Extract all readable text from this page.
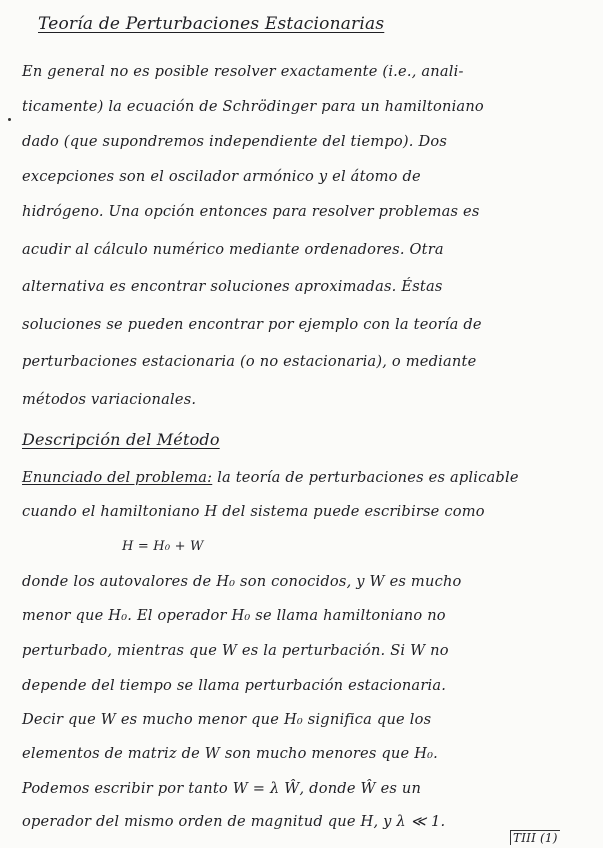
Teoría de Perturbaciones Estacionarias
En general no es posible resolver exactamente (i.e., anali-
ticamente) la ecuación de Schrödinger para un hamiltoniano
dado (que supondremos independiente del tiempo). Dos
excepciones son el oscilador armónico y el átomo de
hidrógeno. Una opción entonces para resolver problemas es
acudir al cálculo numérico mediante ordenadores. Otra
alternativa es encontrar soluciones aproximadas. Éstas
soluciones se pueden encontrar por ejemplo con la teoría de
perturbaciones estacionaria (o no estacionaria), o mediante
métodos variacionales.
Descripción del Método
Enunciado del problema: la teoría de perturbaciones es aplicable
cuando el hamiltoniano H del sistema puede escribirse como
H = H₀ + W
donde los autovalores de H₀ son conocidos, y W es mucho
menor que H₀. El operador H₀ se llama hamiltoniano no
perturbado, mientras que W es la perturbación. Si W no
depende del tiempo se llama perturbación estacionaria.
Decir que W es mucho menor que H₀ significa que los
elementos de matriz de W son mucho menores que H₀.
Podemos escribir por tanto W = λ Ŵ, donde Ŵ es un
operador del mismo orden de magnitud que H, y λ ≪ 1.
TIII (1)
